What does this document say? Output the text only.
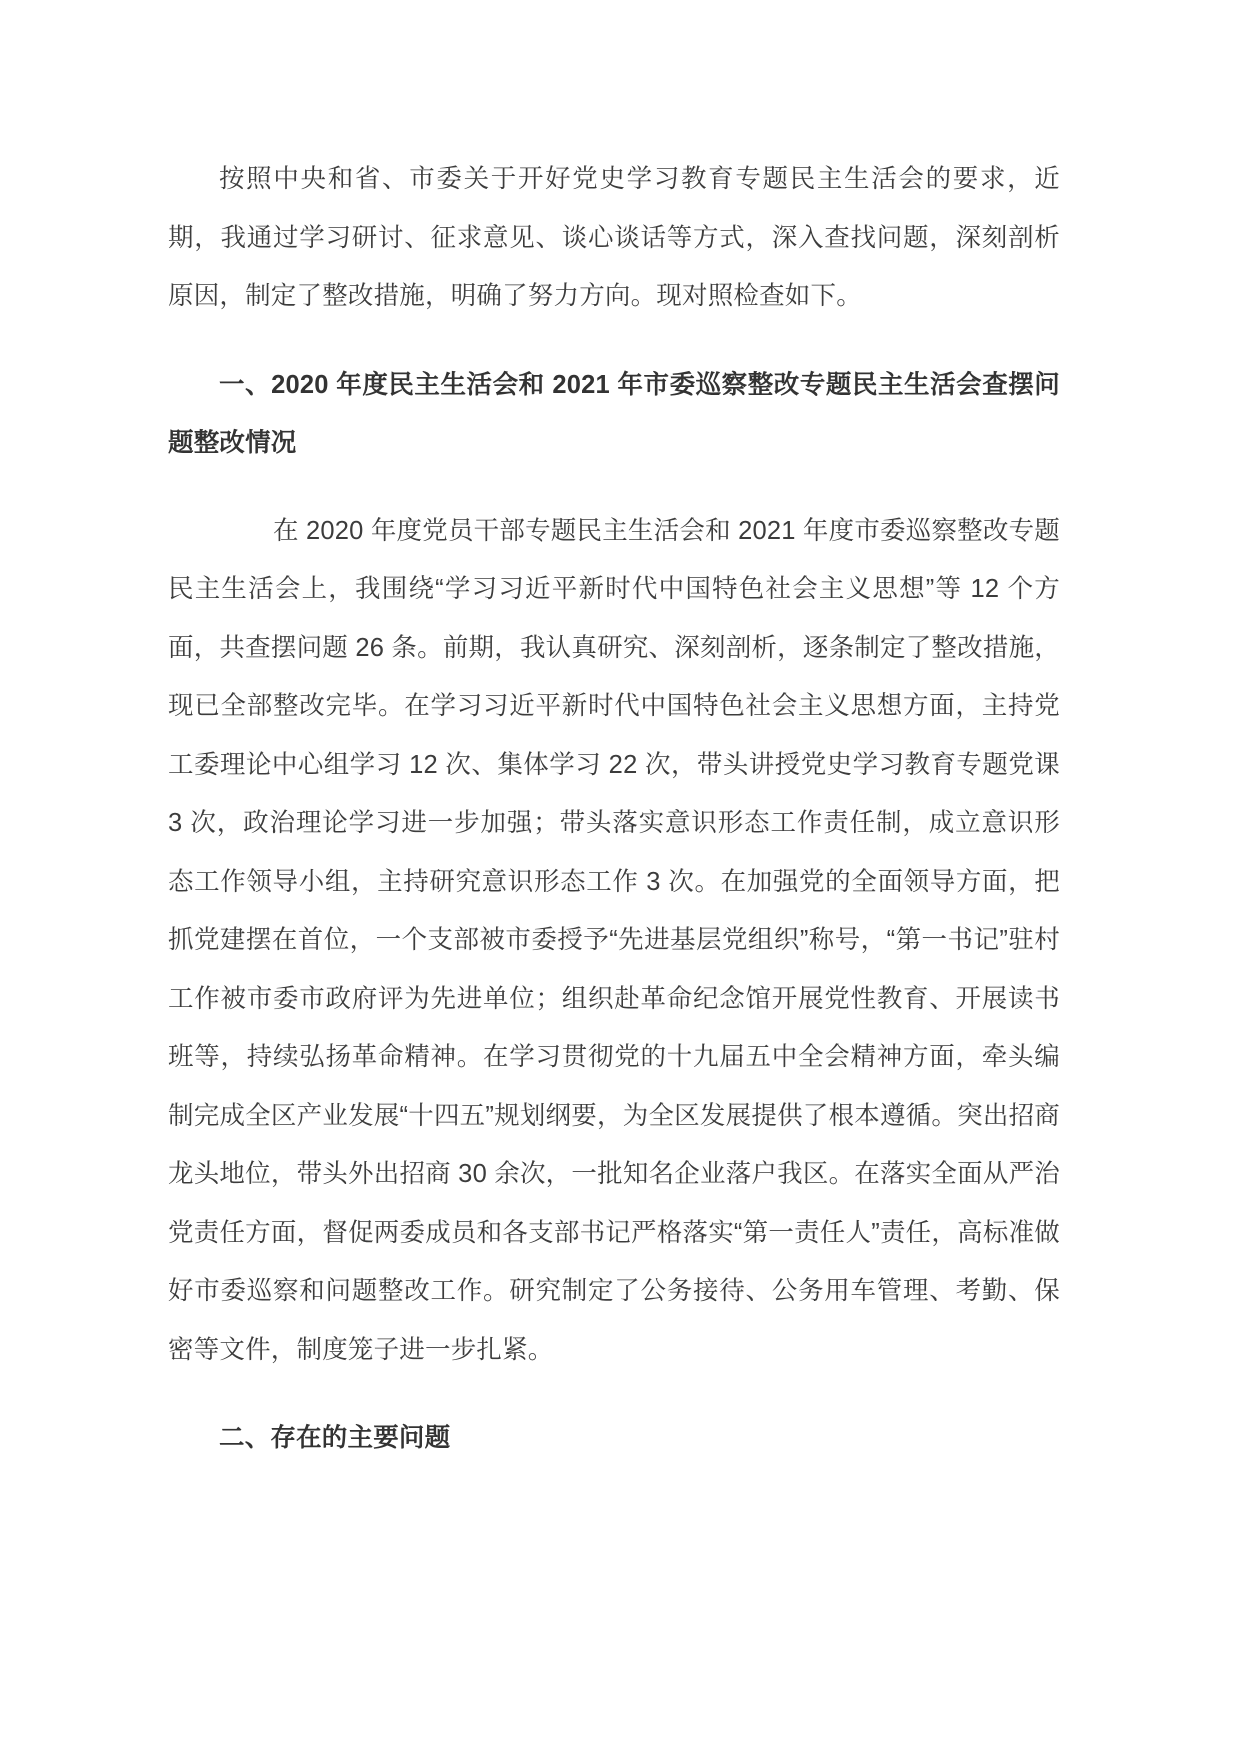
按照中央和省、市委关于开好党史学习教育专题民主生活会的要求，近期，我通过学习研讨、征求意见、谈心谈话等方式，深入查找问题，深刻剖析原因，制定了整改措施，明确了努力方向。现对照检查如下。

一、2020 年度民主生活会和 2021 年市委巡察整改专题民主生活会查摆问题整改情况

在 2020 年度党员干部专题民主生活会和 2021 年度市委巡察整改专题民主生活会上，我围绕“学习习近平新时代中国特色社会主义思想”等 12 个方面，共查摆问题 26 条。前期，我认真研究、深刻剖析，逐条制定了整改措施，现已全部整改完毕。在学习习近平新时代中国特色社会主义思想方面，主持党工委理论中心组学习 12 次、集体学习 22 次，带头讲授党史学习教育专题党课 3 次，政治理论学习进一步加强；带头落实意识形态工作责任制，成立意识形态工作领导小组，主持研究意识形态工作 3 次。在加强党的全面领导方面，把抓党建摆在首位，一个支部被市委授予“先进基层党组织”称号，“第一书记”驻村工作被市委市政府评为先进单位；组织赴革命纪念馆开展党性教育、开展读书班等，持续弘扬革命精神。在学习贯彻党的十九届五中全会精神方面，牵头编制完成全区产业发展“十四五”规划纲要，为全区发展提供了根本遵循。突出招商龙头地位，带头外出招商 30 余次，一批知名企业落户我区。在落实全面从严治党责任方面，督促两委成员和各支部书记严格落实“第一责任人”责任，高标准做好市委巡察和问题整改工作。研究制定了公务接待、公务用车管理、考勤、保密等文件，制度笼子进一步扎紧。

二、存在的主要问题
